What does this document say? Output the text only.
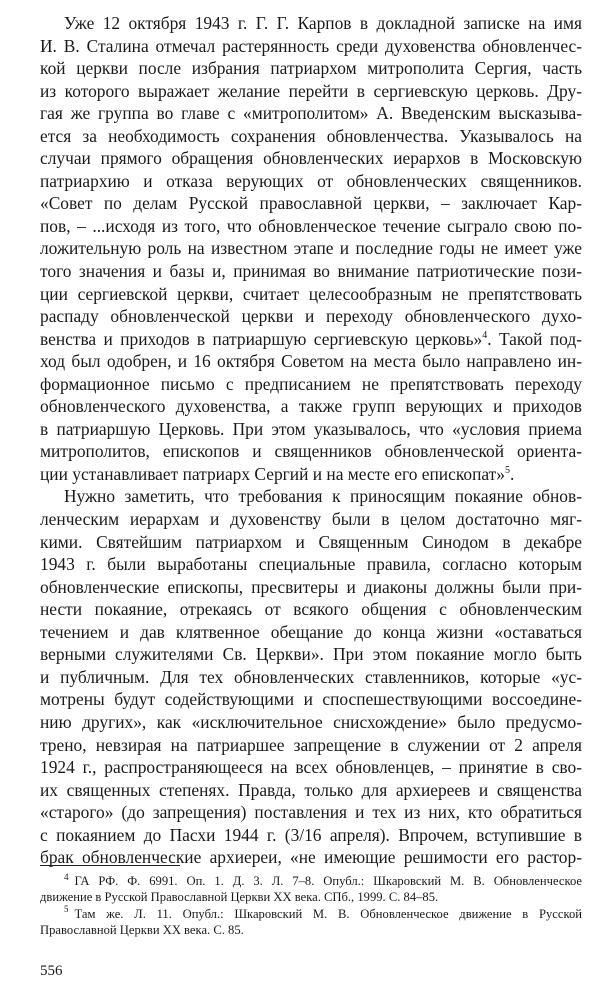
Уже 12 октября 1943 г. Г. Г. Карпов в докладной записке на имя
И. В. Сталина отмечал растерянность среди духовенства обновленчес-
кой церкви после избрания патриархом митрополита Сергия, часть
из которого выражает желание перейти в сергиевскую церковь. Дру-
гая же группа во главе с «митрополитом» А. Введенским высказыва-
ется за необходимость сохранения обновленчества. Указывалось на
случаи прямого обращения обновленческих иерархов в Московскую
патриархию и отказа верующих от обновленческих священников.
«Совет по делам Русской православной церкви, – заключает Кар-
пов, – ...исходя из того, что обновленческое течение сыграло свою по-
ложительную роль на известном этапе и последние годы не имеет уже
того значения и базы и, принимая во внимание патриотические пози-
ции сергиевской церкви, считает целесообразным не препятствовать
распаду обновленческой церкви и переходу обновленческого духо-
венства и приходов в патриаршую сергиевскую церковь»$^4$. Такой под-
ход был одобрен, и 16 октября Советом на места было направлено ин-
формационное письмо с предписанием не препятствовать переходу
обновленческого духовенства, а также групп верующих и приходов
в патриаршую Церковь. При этом указывалось, что «условия приема
митрополитов, епископов и священников обновленческой ориента-
ции устанавливает патриарх Сергий и на месте его епископат»$^5$.
Нужно заметить, что требования к приносящим покаяние обнов-
ленческим иерархам и духовенству были в целом достаточно мяг-
кими. Святейшим патриархом и Священным Синодом в декабре
1943 г. были выработаны специальные правила, согласно которым
обновленческие епископы, пресвитеры и диаконы должны были при-
нести покаяние, отрекаясь от всякого общения с обновленческим
течением и дав клятвенное обещание до конца жизни «оставаться
верными служителями Св. Церкви». При этом покаяние могло быть
и публичным. Для тех обновленческих ставленников, которые «ус-
мотрены будут содействующими и споспешествующими воссоедине-
нию других», как «исключительное снисхождение» было предусмо-
трено, невзирая на патриаршее запрещение в служении от 2 апреля
1924 г., распространяющееся на всех обновленцев, – принятие в сво-
их священных степенях. Правда, только для архиереев и священства
«старого» (до запрещения) поставления и тех из них, кто обратиться
с покаянием до Пасхи 1944 г. (3/16 апреля). Впрочем, вступившие в
брак обновленческие архиереи, «не имеющие решимости его растор-
$^4$ ГА РФ. Ф. 6991. Оп. 1. Д. 3. Л. 7–8. Опубл.: Шкаровский М. В. Обновленческое
движение в Русской Православной Церкви XX века. СПб., 1999. С. 84–85.
$^5$ Там же. Л. 11. Опубл.: Шкаровский М. В. Обновленческое движение в Русской
Православной Церкви XX века. С. 85.
556
